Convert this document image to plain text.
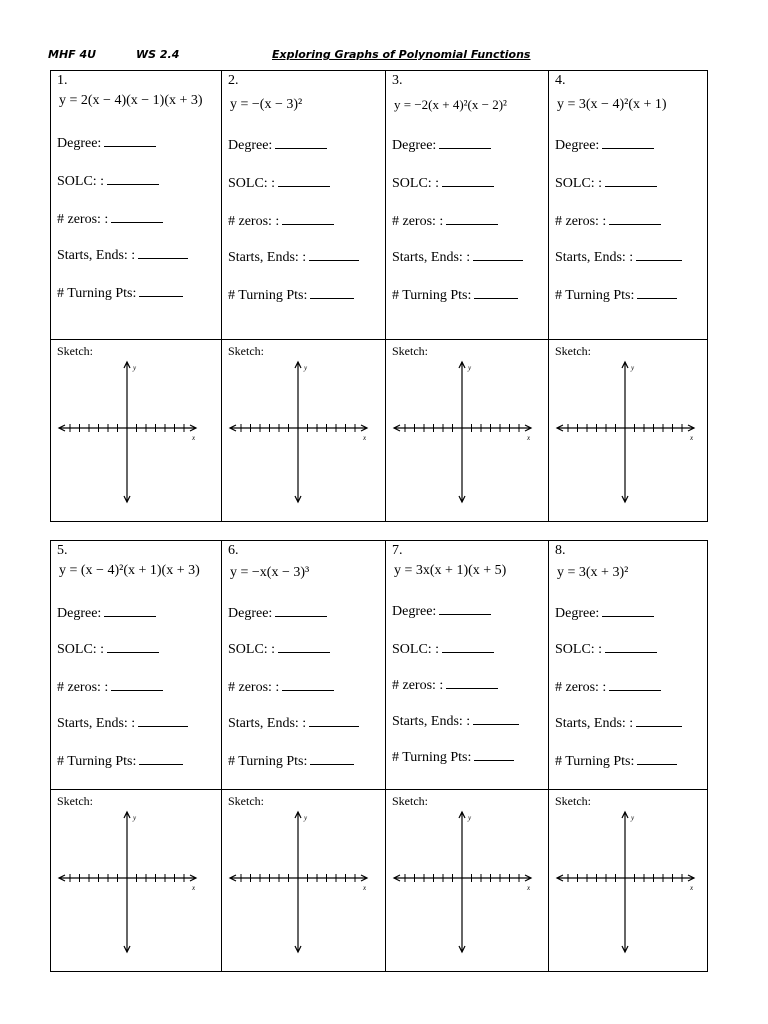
MHF 4U	WS 2.4	Exploring Graphs of Polynomial Functions
1.
y = 2(x − 4)(x − 1)(x + 3)
Degree:
SOLC: :
# zeros: :
Starts, Ends: :
# Turning Pts:
2.
y = −(x − 3)²
Degree:
SOLC: :
# zeros: :
Starts, Ends: :
# Turning Pts:
3.
y = −2(x + 4)²(x − 2)²
Degree:
SOLC: :
# zeros: :
Starts, Ends: :
# Turning Pts:
4.
y = 3(x − 4)²(x + 1)
Degree:
SOLC: :
# zeros: :
Starts, Ends: :
# Turning Pts:
Sketch:
y
x
Sketch:
y
x
Sketch:
y
x
Sketch:
y
x
5.
y = (x − 4)²(x + 1)(x + 3)
Degree:
SOLC: :
# zeros: :
Starts, Ends: :
# Turning Pts:
6.
y = −x(x − 3)³
Degree:
SOLC: :
# zeros: :
Starts, Ends: :
# Turning Pts:
7.
y = 3x(x + 1)(x + 5)
Degree:
SOLC: :
# zeros: :
Starts, Ends: :
# Turning Pts:
8.
y = 3(x + 3)²
Degree:
SOLC: :
# zeros: :
Starts, Ends: :
# Turning Pts:
Sketch:
y
x
Sketch:
y
x
Sketch:
y
x
Sketch:
y
x
